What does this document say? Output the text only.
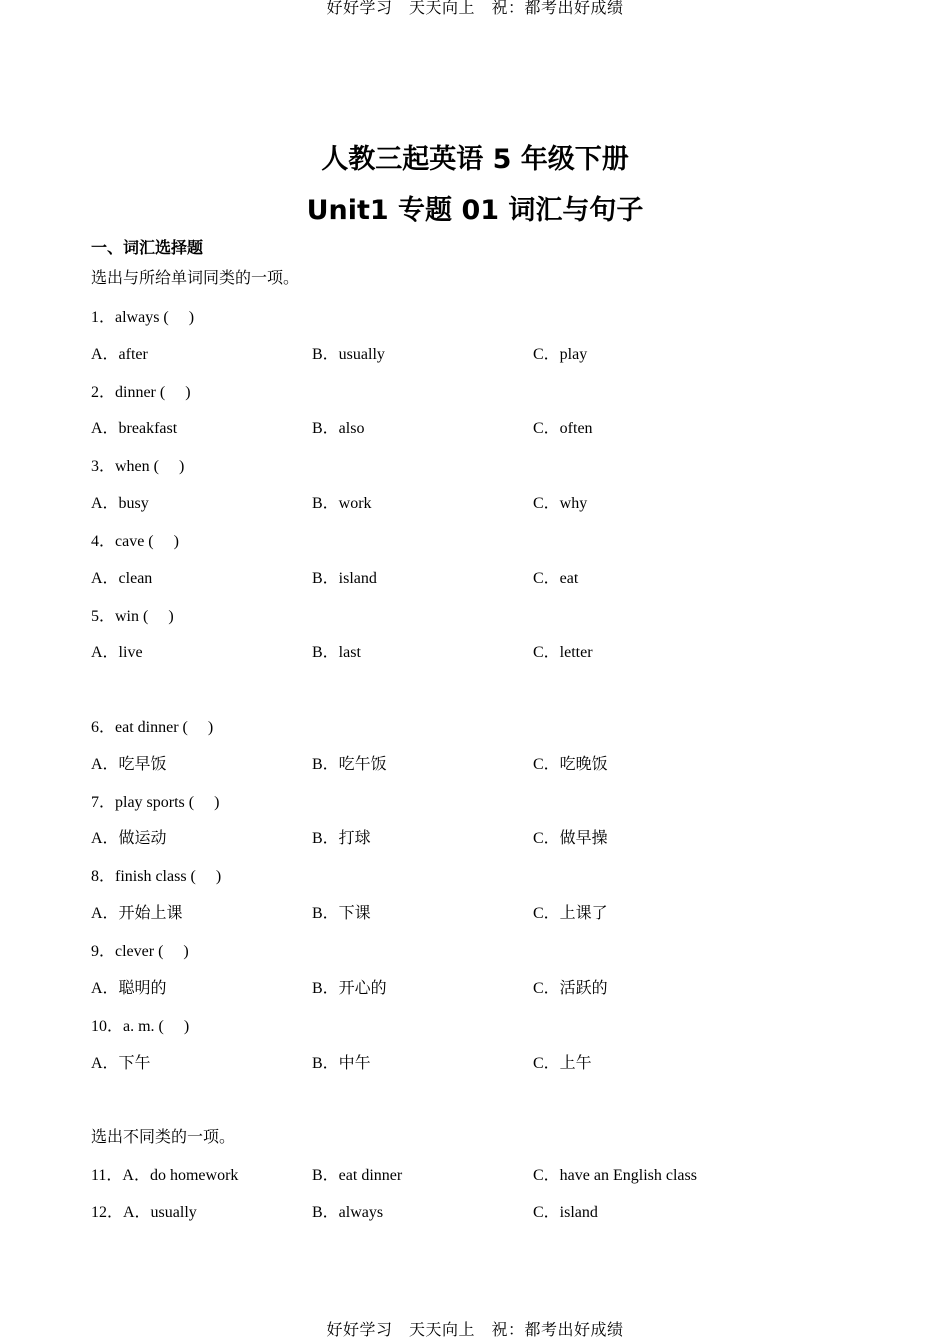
好好学习　天天向上　祝：都考出好成绩
人教三起英语 5 年级下册
Unit1 专题 01 词汇与句子
一、词汇选择题
选出与所给单词同类的一项。
1．always (　 )
A．after	B．usually	C．play
2．dinner (　 )
A．breakfast	B．also	C．often
3．when (　 )
A．busy	B．work	C．why
4．cave (　 )
A．clean	B．island	C．eat
5．win (　 )
A．live	B．last	C．letter
6．eat dinner (　 )
A．吃早饭	B．吃午饭	C．吃晚饭
7．play sports (　 )
A．做运动	B．打球	C．做早操
8．finish class (　 )
A．开始上课	B．下课	C．上课了
9．clever (　 )
A．聪明的	B．开心的	C．活跃的
10．a. m. (　 )
A．下午	B．中午	C．上午
选出不同类的一项。
11．A．do homework	B．eat dinner	C．have an English class
12．A．usually	B．always	C．island
好好学习　天天向上　祝：都考出好成绩
